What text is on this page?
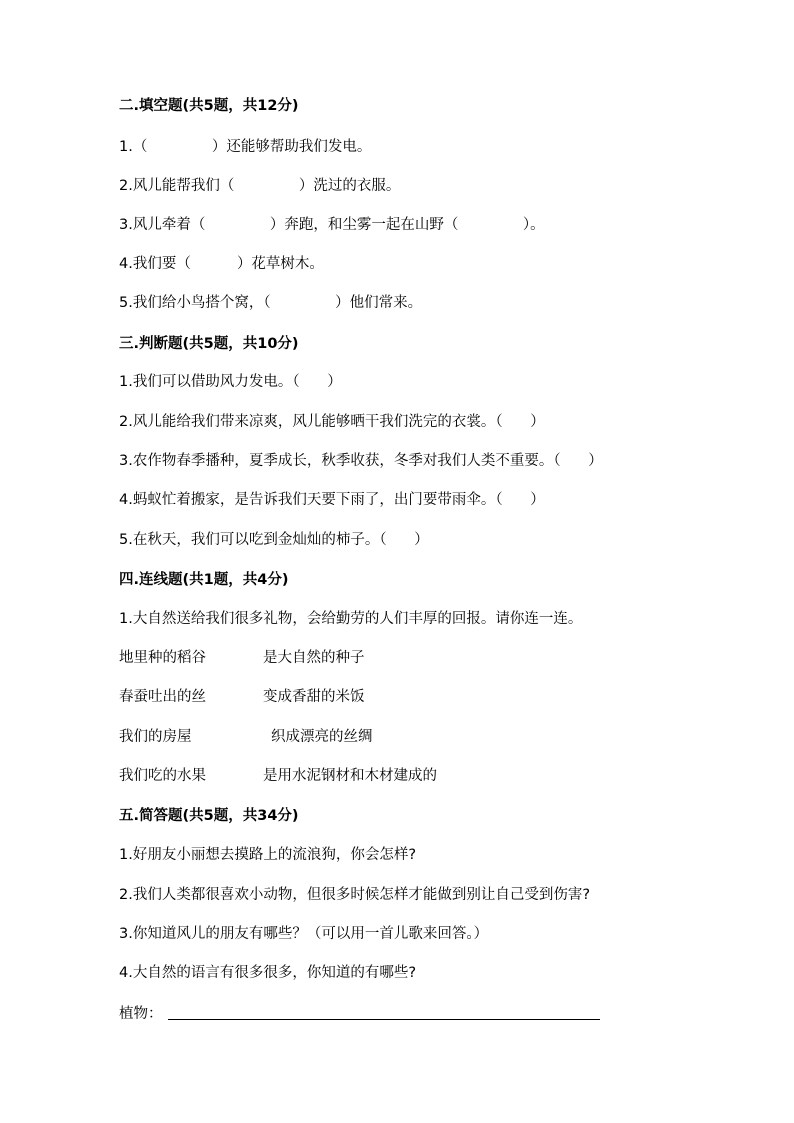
二.填空题(共5题，共12分)
1.（	）还能够帮助我们发电。
2.风儿能帮我们（	）洗过的衣服。
3.风儿牵着（	）奔跑，和尘雾一起在山野（	）。
4.我们要（	）花草树木。
5.我们给小鸟搭个窝，（	）他们常来。
三.判断题(共5题，共10分)
1.我们可以借助风力发电。（      ）
2.风儿能给我们带来凉爽，风儿能够晒干我们洗完的衣裳。（      ）
3.农作物春季播种，夏季成长，秋季收获，冬季对我们人类不重要。（      ）
4.蚂蚁忙着搬家，是告诉我们天要下雨了，出门要带雨伞。（      ）
5.在秋天，我们可以吃到金灿灿的柿子。（      ）
四.连线题(共1题，共4分)
1.大自然送给我们很多礼物，会给勤劳的人们丰厚的回报。请你连一连。
地里种的稻谷	是大自然的种子
春蚕吐出的丝	变成香甜的米饭
我们的房屋	织成漂亮的丝绸
我们吃的水果	是用水泥钢材和木材建成的
五.简答题(共5题，共34分)
1.好朋友小丽想去摸路上的流浪狗，你会怎样?
2.我们人类都很喜欢小动物，但很多时候怎样才能做到别让自己受到伤害?
3.你知道风儿的朋友有哪些？（可以用一首儿歌来回答。）
4.大自然的语言有很多很多，你知道的有哪些?
植物：
